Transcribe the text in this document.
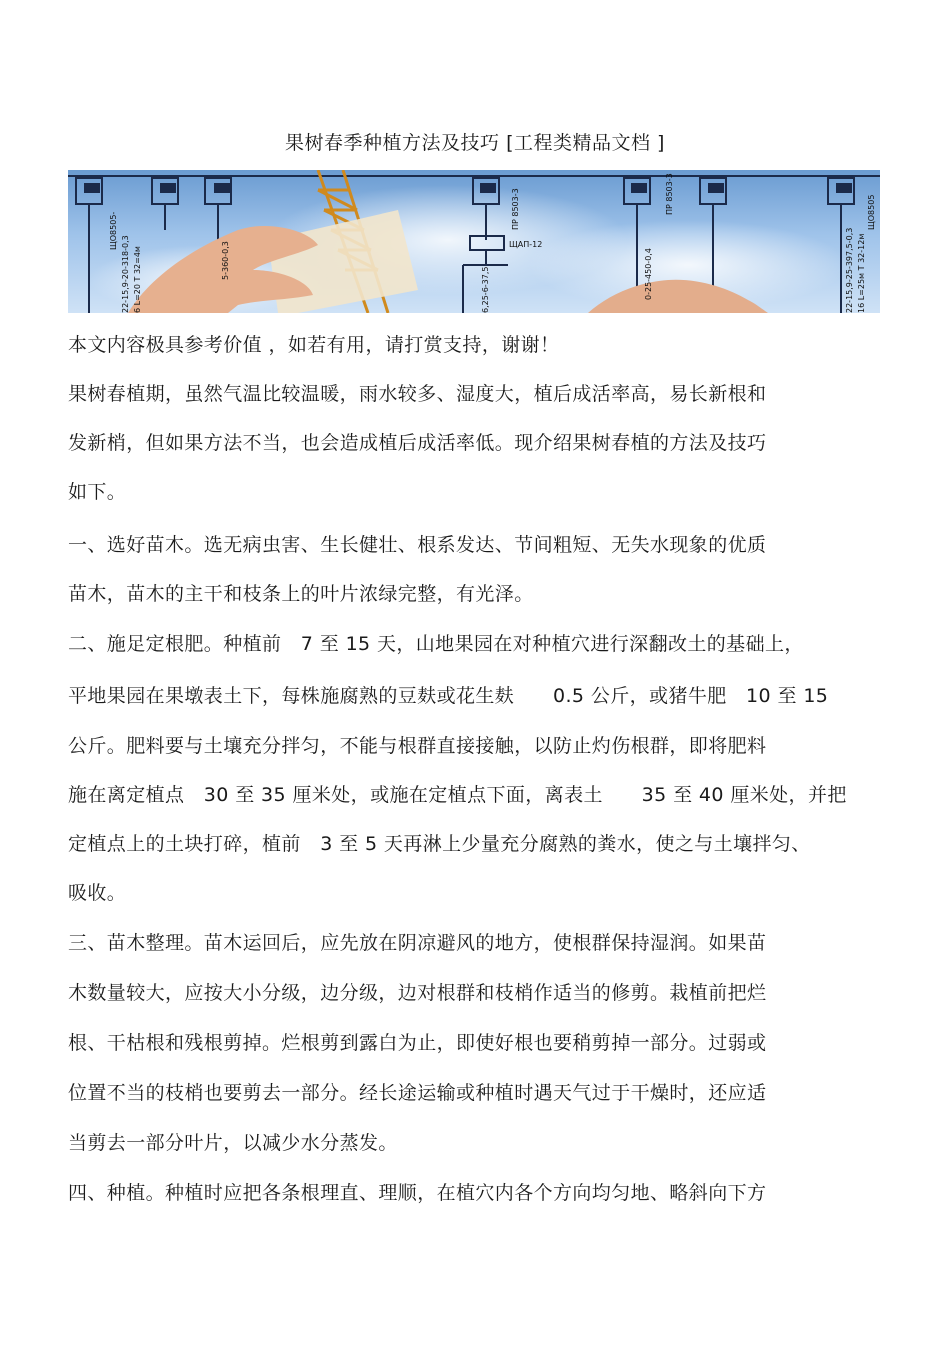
果树春季种植方法及技巧 [工程类精品文档 ]
ЩО8505-
ПР 8503-3	ПР 8503-3	ЩО8505
22-15,9-20-318-0,3 6 L=20 Т 32=4м	5-360-0,3	0-25-450-0,4
6,25-6-37,5	22-15,9-25-397,5-0,3 16 L=25м Т 32-12м
ЩАП-12
本文内容极具参考价值 ，如若有用，请打赏支持，谢谢！
果树春植期，虽然气温比较温暖，雨水较多、湿度大，植后成活率高，易长新根和
发新梢，但如果方法不当，也会造成植后成活率低。现介绍果树春植的方法及技巧
如下。
一、选好苗木。选无病虫害、生长健壮、根系发达、节间粗短、无失水现象的优质
苗木，苗木的主干和枝条上的叶片浓绿完整，有光泽。
二、施足定根肥。种植前　7 至 15 天，山地果园在对种植穴进行深翻改土的基础上，
平地果园在果墩表土下，每株施腐熟的豆麸或花生麸　　0.5 公斤，或猪牛肥　10 至 15
公斤。肥料要与土壤充分拌匀，不能与根群直接接触，以防止灼伤根群，即将肥料
施在离定植点　30 至 35 厘米处，或施在定植点下面，离表土　　35 至 40 厘米处，并把
定植点上的土块打碎，植前　3 至 5 天再淋上少量充分腐熟的粪水，使之与土壤拌匀、
吸收。
三、苗木整理。苗木运回后，应先放在阴凉避风的地方，使根群保持湿润。如果苗
木数量较大，应按大小分级，边分级，边对根群和枝梢作适当的修剪。栽植前把烂
根、干枯根和残根剪掉。烂根剪到露白为止，即使好根也要稍剪掉一部分。过弱或
位置不当的枝梢也要剪去一部分。经长途运输或种植时遇天气过于干燥时，还应适
当剪去一部分叶片，以减少水分蒸发。
四、种植。种植时应把各条根理直、理顺，在植穴内各个方向均匀地、略斜向下方
